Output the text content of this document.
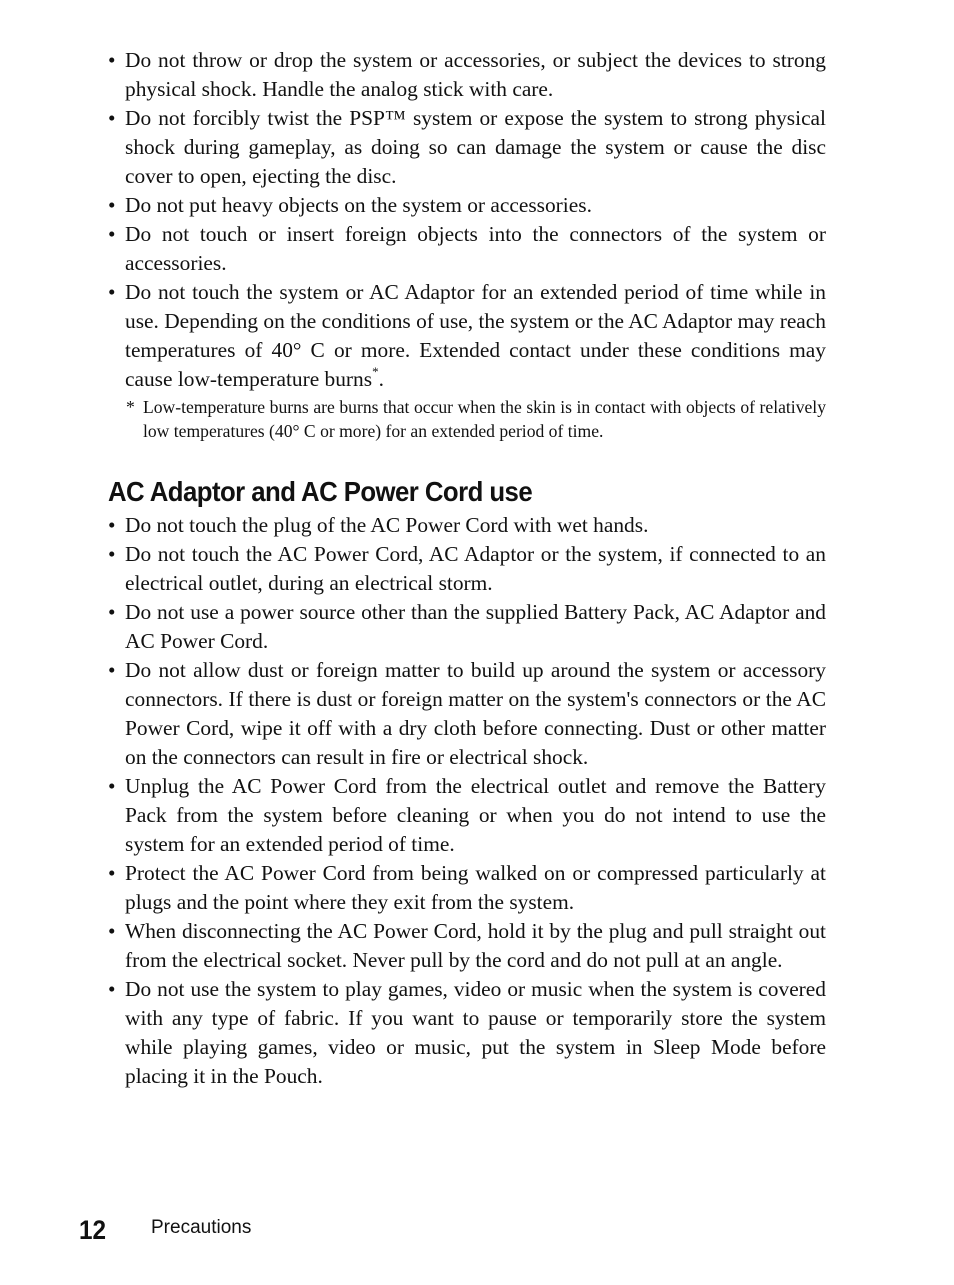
• Do not throw or drop the system or accessories, or subject the devices to strong physical shock. Handle the analog stick with care.
• Do not forcibly twist the PSP™ system or expose the system to strong physical shock during gameplay, as doing so can damage the system or cause the disc cover to open, ejecting the disc.
• Do not put heavy objects on the system or accessories.
• Do not touch or insert foreign objects into the connectors of the system or accessories.
• Do not touch the system or AC Adaptor for an extended period of time while in use. Depending on the conditions of use, the system or the AC Adaptor may reach temperatures of 40° C or more. Extended contact under these conditions may cause low-temperature burns*.
* Low-temperature burns are burns that occur when the skin is in contact with objects of relatively low temperatures (40° C or more) for an extended period of time.
AC Adaptor and AC Power Cord use
• Do not touch the plug of the AC Power Cord with wet hands.
• Do not touch the AC Power Cord, AC Adaptor or the system, if connected to an electrical outlet, during an electrical storm.
• Do not use a power source other than the supplied Battery Pack, AC Adaptor and AC Power Cord.
• Do not allow dust or foreign matter to build up around the system or accessory connectors. If there is dust or foreign matter on the system's connectors or the AC Power Cord, wipe it off with a dry cloth before connecting. Dust or other matter on the connectors can result in fire or electrical shock.
• Unplug the AC Power Cord from the electrical outlet and remove the Battery Pack from the system before cleaning or when you do not intend to use the system for an extended period of time.
• Protect the AC Power Cord from being walked on or compressed particularly at plugs and the point where they exit from the system.
• When disconnecting the AC Power Cord, hold it by the plug and pull straight out from the electrical socket. Never pull by the cord and do not pull at an angle.
• Do not use the system to play games, video or music when the system is covered with any type of fabric. If you want to pause or temporarily store the system while playing games, video or music, put the system in Sleep Mode before placing it in the Pouch.
12 Precautions
